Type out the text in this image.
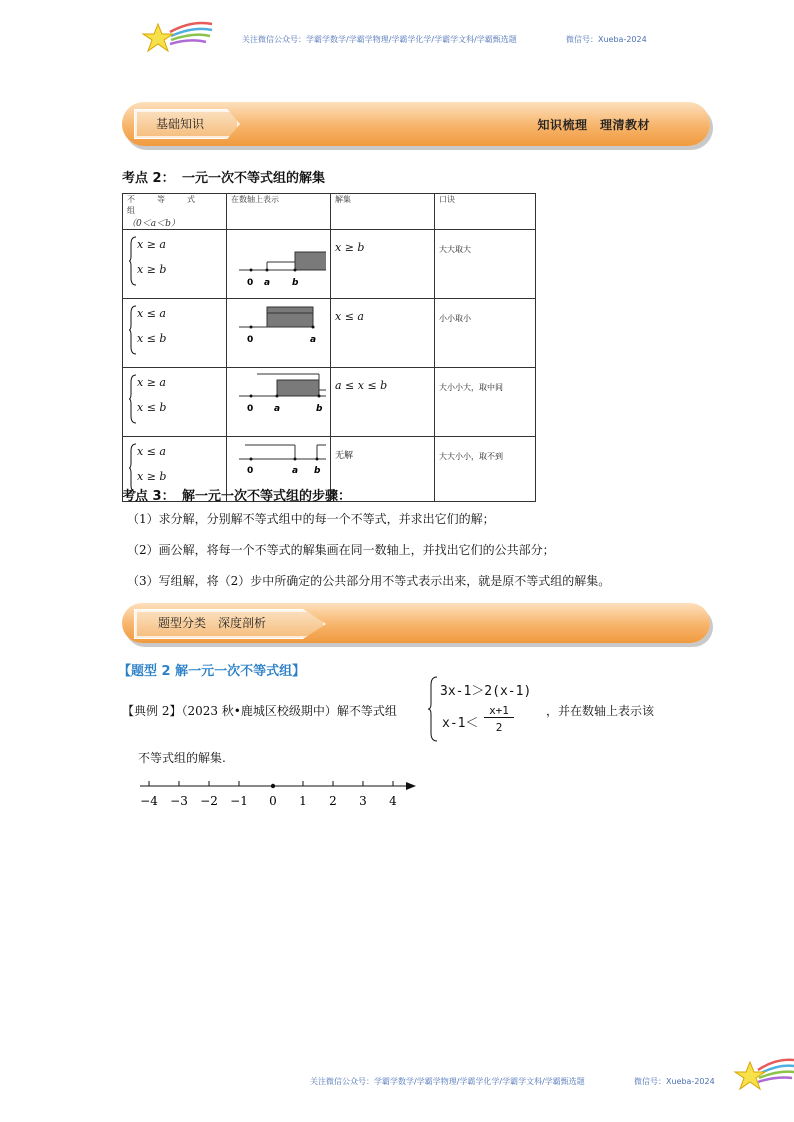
关注微信公众号：学霸学数学/学霸学物理/学霸学化学/学霸学文科/学霸甄选题	微信号：Xueba-2024
基础知识	知识梳理　理清教材
考点 2： 一元一次不等式组的解集
不　　等　　式　　组
（0＜a＜b）	在数轴上表示	解集	口诀

x ≥ a
x ≥ b	0 a b	x ≥ b	大大取大

x ≤ a
x ≤ b	0 a	x ≤ a	小小取小

x ≥ a
x ≤ b	0 a b	a ≤ x ≤ b	大小小大，取中间

x ≤ a
x ≥ b	0 a b	无解	大大小小，取不到
考点 3： 解一元一次不等式组的步骤：
（1）求分解，分别解不等式组中的每一个不等式，并求出它们的解；
（2）画公解，将每一个不等式的解集画在同一数轴上，并找出它们的公共部分；
（3）写组解，将（2）步中所确定的公共部分用不等式表示出来，就是原不等式组的解集。
题型分类　深度剖析
【题型 2 解一元一次不等式组】
【典例 2】（2023 秋•鹿城区校级期中）解不等式组
3x-1＞2(x-1)
x-1＜
x+1
2
，并在数轴上表示该
不等式组的解集.
−4 −3 −2 −1 0 1 2 3 4
关注微信公众号：学霸学数学/学霸学物理/学霸学化学/学霸学文科/学霸甄选题	微信号：Xueba-2024
